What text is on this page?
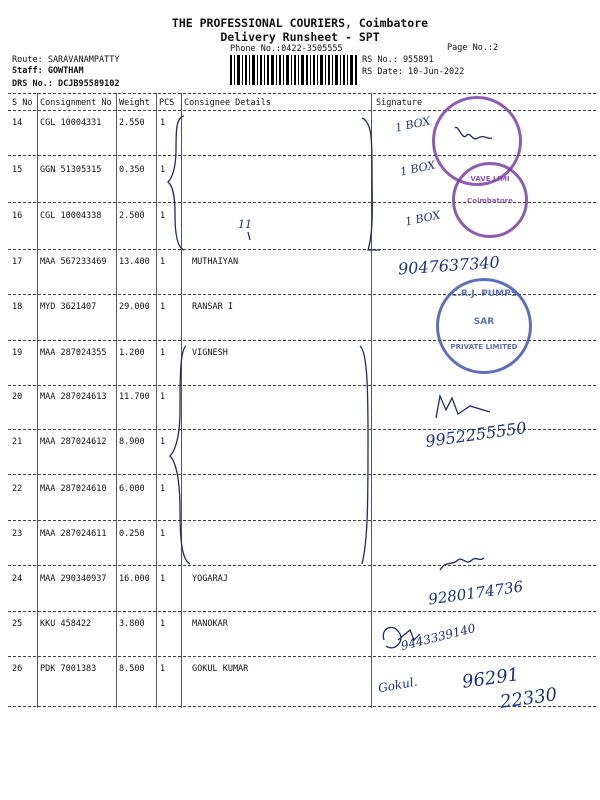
THE PROFESSIONAL COURIERS, Coimbatore
Delivery Runsheet - SPT
Phone No.:0422-3505555	Page No.:2
Route: SARAVANAMPATTY
Staff: GOWTHAM
DRS No.: DCJB95589102
RS No.: 955891
RS Date: 10-Jun-2022
S No Consignment No Weight PCS Consignee Details	Signature
14 CGL 10004331 2.550 1
15 GGN 51305315 0.350 1
16 CGL 10004338 2.500 1
17 MAA 567233469 13.400 1	MUTHAIYAN
18 MYD 3621407	29.000 1	RANSAR I
19 MAA 287024355 1.200 1	VIGNESH
20 MAA 287024613 11.700 1
21 MAA 287024612 8.900 1
22 MAA 287024610 6.000 1
23 MAA 287024611 0.250 1
24 MAA 290340937 16.000 1	YOGARAJ
25 KKU 458422	3.800 1	MANOKAR
26 PDK 7001383	8.500 1	GOKUL KUMAR
1 BOX
1 BOX
1 BOX
11
9047637340
9952255550
9280174736
9443339140
Gokul. 96291
22330
VAVE LIMI
Coimbatore
C.R.J. PUMPS
SAR
PRIVATE LIMITED
